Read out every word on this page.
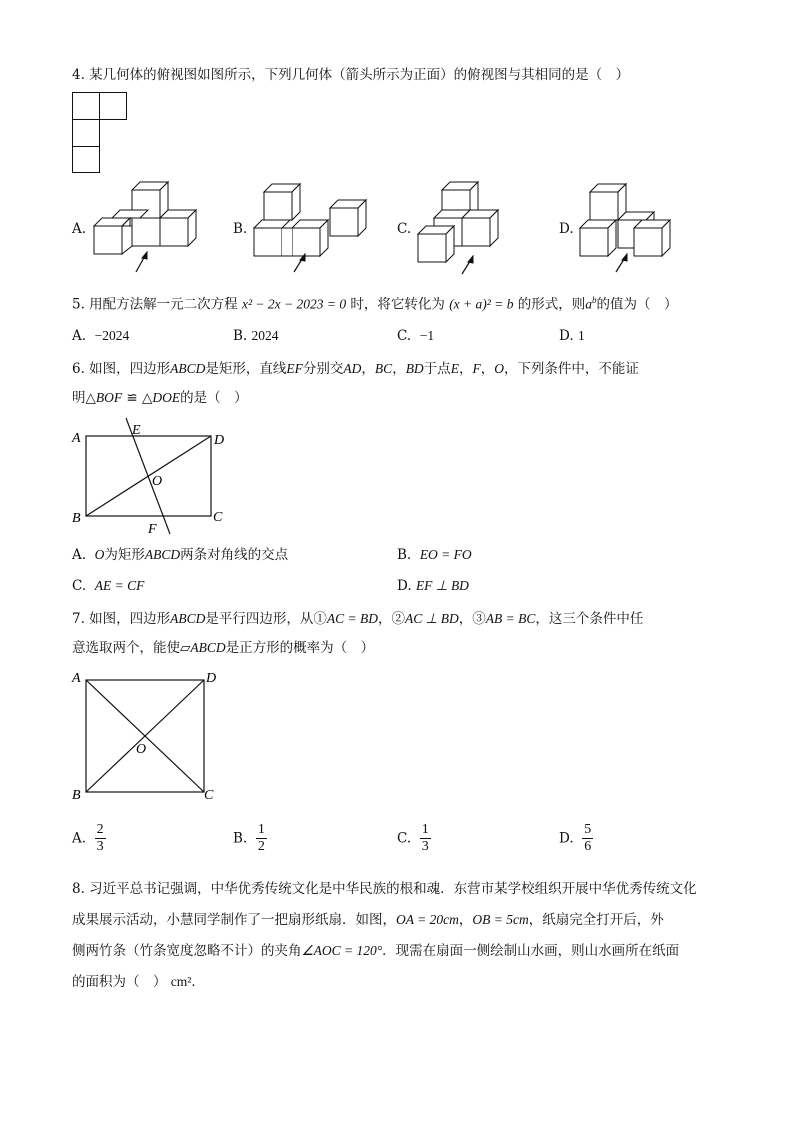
4. 某几何体的俯视图如图所示，下列几何体（箭头所示为正面）的俯视图与其相同的是（　）
A.	B.	C.	D.
5. 用配方法解一元二次方程 x² − 2x − 2023 = 0 时，将它转化为 (x + a)² = b 的形式，则$a^b$的值为（　）
A. −2024	B. 2024	C. −1	D. 1
6. 如图，四边形ABCD是矩形，直线EF分别交AD，BC，BD于点E，F，O，下列条件中，不能证
明△BOF ≌ △DOE的是（　）
A
E
D
O
B
F
C
A. O为矩形ABCD两条对角线的交点	B. EO = FO
C. AE = CF	D. EF ⊥ BD
7. 如图，四边形ABCD是平行四边形，从①AC = BD，②AC ⊥ BD，③AB = BC，这三个条件中任
意选取两个，能使▱ABCD是正方形的概率为（　）
A	D
O
B	C
A. $\frac{2}{3}$	B. $\frac{1}{2}$	C. $\frac{1}{3}$	D. $\frac{5}{6}$
8. 习近平总书记强调，中华优秀传统文化是中华民族的根和魂．东营市某学校组织开展中华优秀传统文化
成果展示活动，小慧同学制作了一把扇形纸扇．如图，OA = 20cm，OB = 5cm，纸扇完全打开后，外
侧两竹条（竹条宽度忽略不计）的夹角∠AOC = 120°．现需在扇面一侧绘制山水画，则山水画所在纸面
的面积为（　） cm²．
